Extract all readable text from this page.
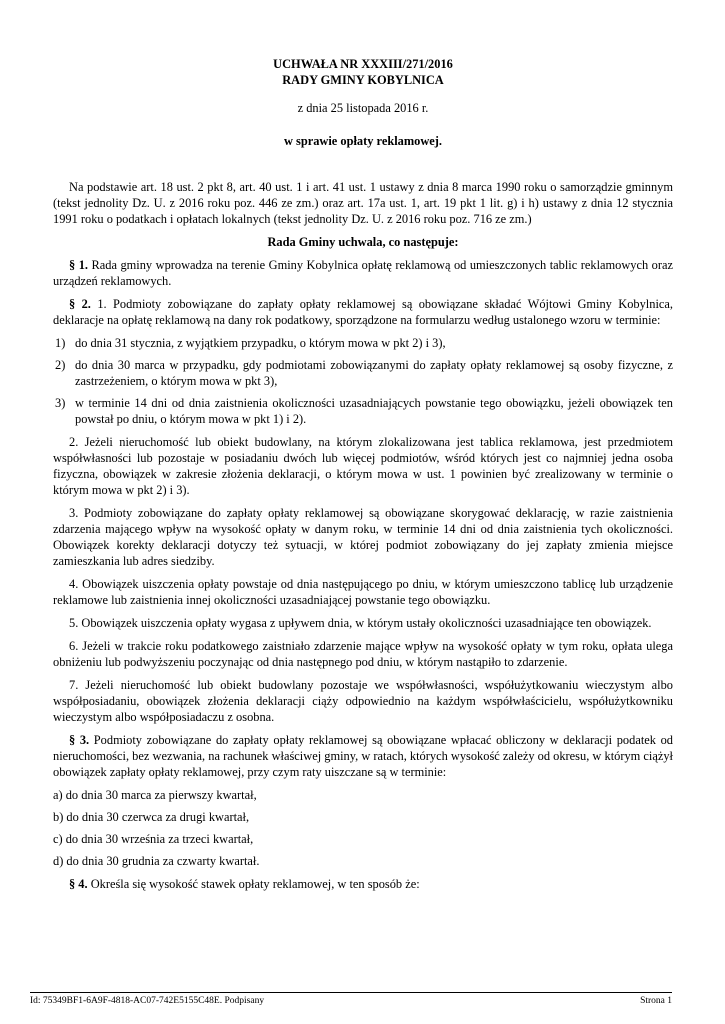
UCHWAŁA NR XXXIII/271/2016

RADY GMINY KOBYLNICA

z dnia 25 listopada 2016 r.

w sprawie opłaty reklamowej.

Na podstawie art. 18 ust. 2 pkt 8, art. 40 ust. 1 i art. 41 ust. 1 ustawy z dnia 8 marca 1990 roku o samorządzie gminnym (tekst jednolity Dz. U. z 2016 roku poz. 446 ze zm.) oraz art. 17a ust. 1, art. 19 pkt 1 lit. g) i h) ustawy z dnia 12 stycznia 1991 roku o podatkach i opłatach lokalnych (tekst jednolity Dz. U. z 2016 roku poz. 716 ze zm.)

Rada Gminy uchwala, co następuje:

§ 1. Rada gminy wprowadza na terenie Gminy Kobylnica opłatę reklamową od umieszczonych tablic reklamowych oraz urządzeń reklamowych.

§ 2. 1. Podmioty zobowiązane do zapłaty opłaty reklamowej są obowiązane składać Wójtowi Gminy Kobylnica, deklaracje na opłatę reklamową na dany rok podatkowy, sporządzone na formularzu według ustalonego wzoru w terminie:

1) do dnia 31 stycznia, z wyjątkiem przypadku, o którym mowa w pkt 2) i 3),
2) do dnia 30 marca w przypadku, gdy podmiotami zobowiązanymi do zapłaty opłaty reklamowej są osoby fizyczne, z zastrzeżeniem, o którym mowa w pkt 3),
3) w terminie 14 dni od dnia zaistnienia okoliczności uzasadniających powstanie tego obowiązku, jeżeli obowiązek ten powstał po dniu, o którym mowa w pkt 1) i 2).

2. Jeżeli nieruchomość lub obiekt budowlany, na którym zlokalizowana jest tablica reklamowa, jest przedmiotem współwłasności lub pozostaje w posiadaniu dwóch lub więcej podmiotów, wśród których jest co najmniej jedna osoba fizyczna, obowiązek w zakresie złożenia deklaracji, o którym mowa w ust. 1 powinien być zrealizowany w terminie o którym mowa w pkt 2) i 3).

3. Podmioty zobowiązane do zapłaty opłaty reklamowej są obowiązane skorygować deklarację, w razie zaistnienia zdarzenia mającego wpływ na wysokość opłaty w danym roku, w terminie 14 dni od dnia zaistnienia tych okoliczności. Obowiązek korekty deklaracji dotyczy też sytuacji, w której podmiot zobowiązany do jej zapłaty zmienia miejsce zamieszkania lub adres siedziby.

4. Obowiązek uiszczenia opłaty powstaje od dnia następującego po dniu, w którym umieszczono tablicę lub urządzenie reklamowe lub zaistnienia innej okoliczności uzasadniającej powstanie tego obowiązku.

5. Obowiązek uiszczenia opłaty wygasa z upływem dnia, w którym ustały okoliczności uzasadniające ten obowiązek.

6. Jeżeli w trakcie roku podatkowego zaistniało zdarzenie mające wpływ na wysokość opłaty w tym roku, opłata ulega obniżeniu lub podwyższeniu poczynając od dnia następnego pod dniu, w którym nastąpiło to zdarzenie.

7. Jeżeli nieruchomość lub obiekt budowlany pozostaje we współwłasności, współużytkowaniu wieczystym albo współposiadaniu, obowiązek złożenia deklaracji ciąży odpowiednio na każdym współwłaścicielu, współużytkowniku wieczystym albo współposiadaczu z osobna.

§ 3. Podmioty zobowiązane do zapłaty opłaty reklamowej są obowiązane wpłacać obliczony w deklaracji podatek od nieruchomości, bez wezwania, na rachunek właściwej gminy, w ratach, których wysokość zależy od okresu, w którym ciążył obowiązek zapłaty opłaty reklamowej, przy czym raty uiszczane są w terminie:

a) do dnia 30 marca za pierwszy kwartał,

b) do dnia 30 czerwca za drugi kwartał,

c) do dnia 30 września za trzeci kwartał,

d) do dnia 30 grudnia za czwarty kwartał.

§ 4. Określa się wysokość stawek opłaty reklamowej, w ten sposób że:

Id: 75349BF1-6A9F-4818-AC07-742E5155C48E. Podpisany	Strona 1
